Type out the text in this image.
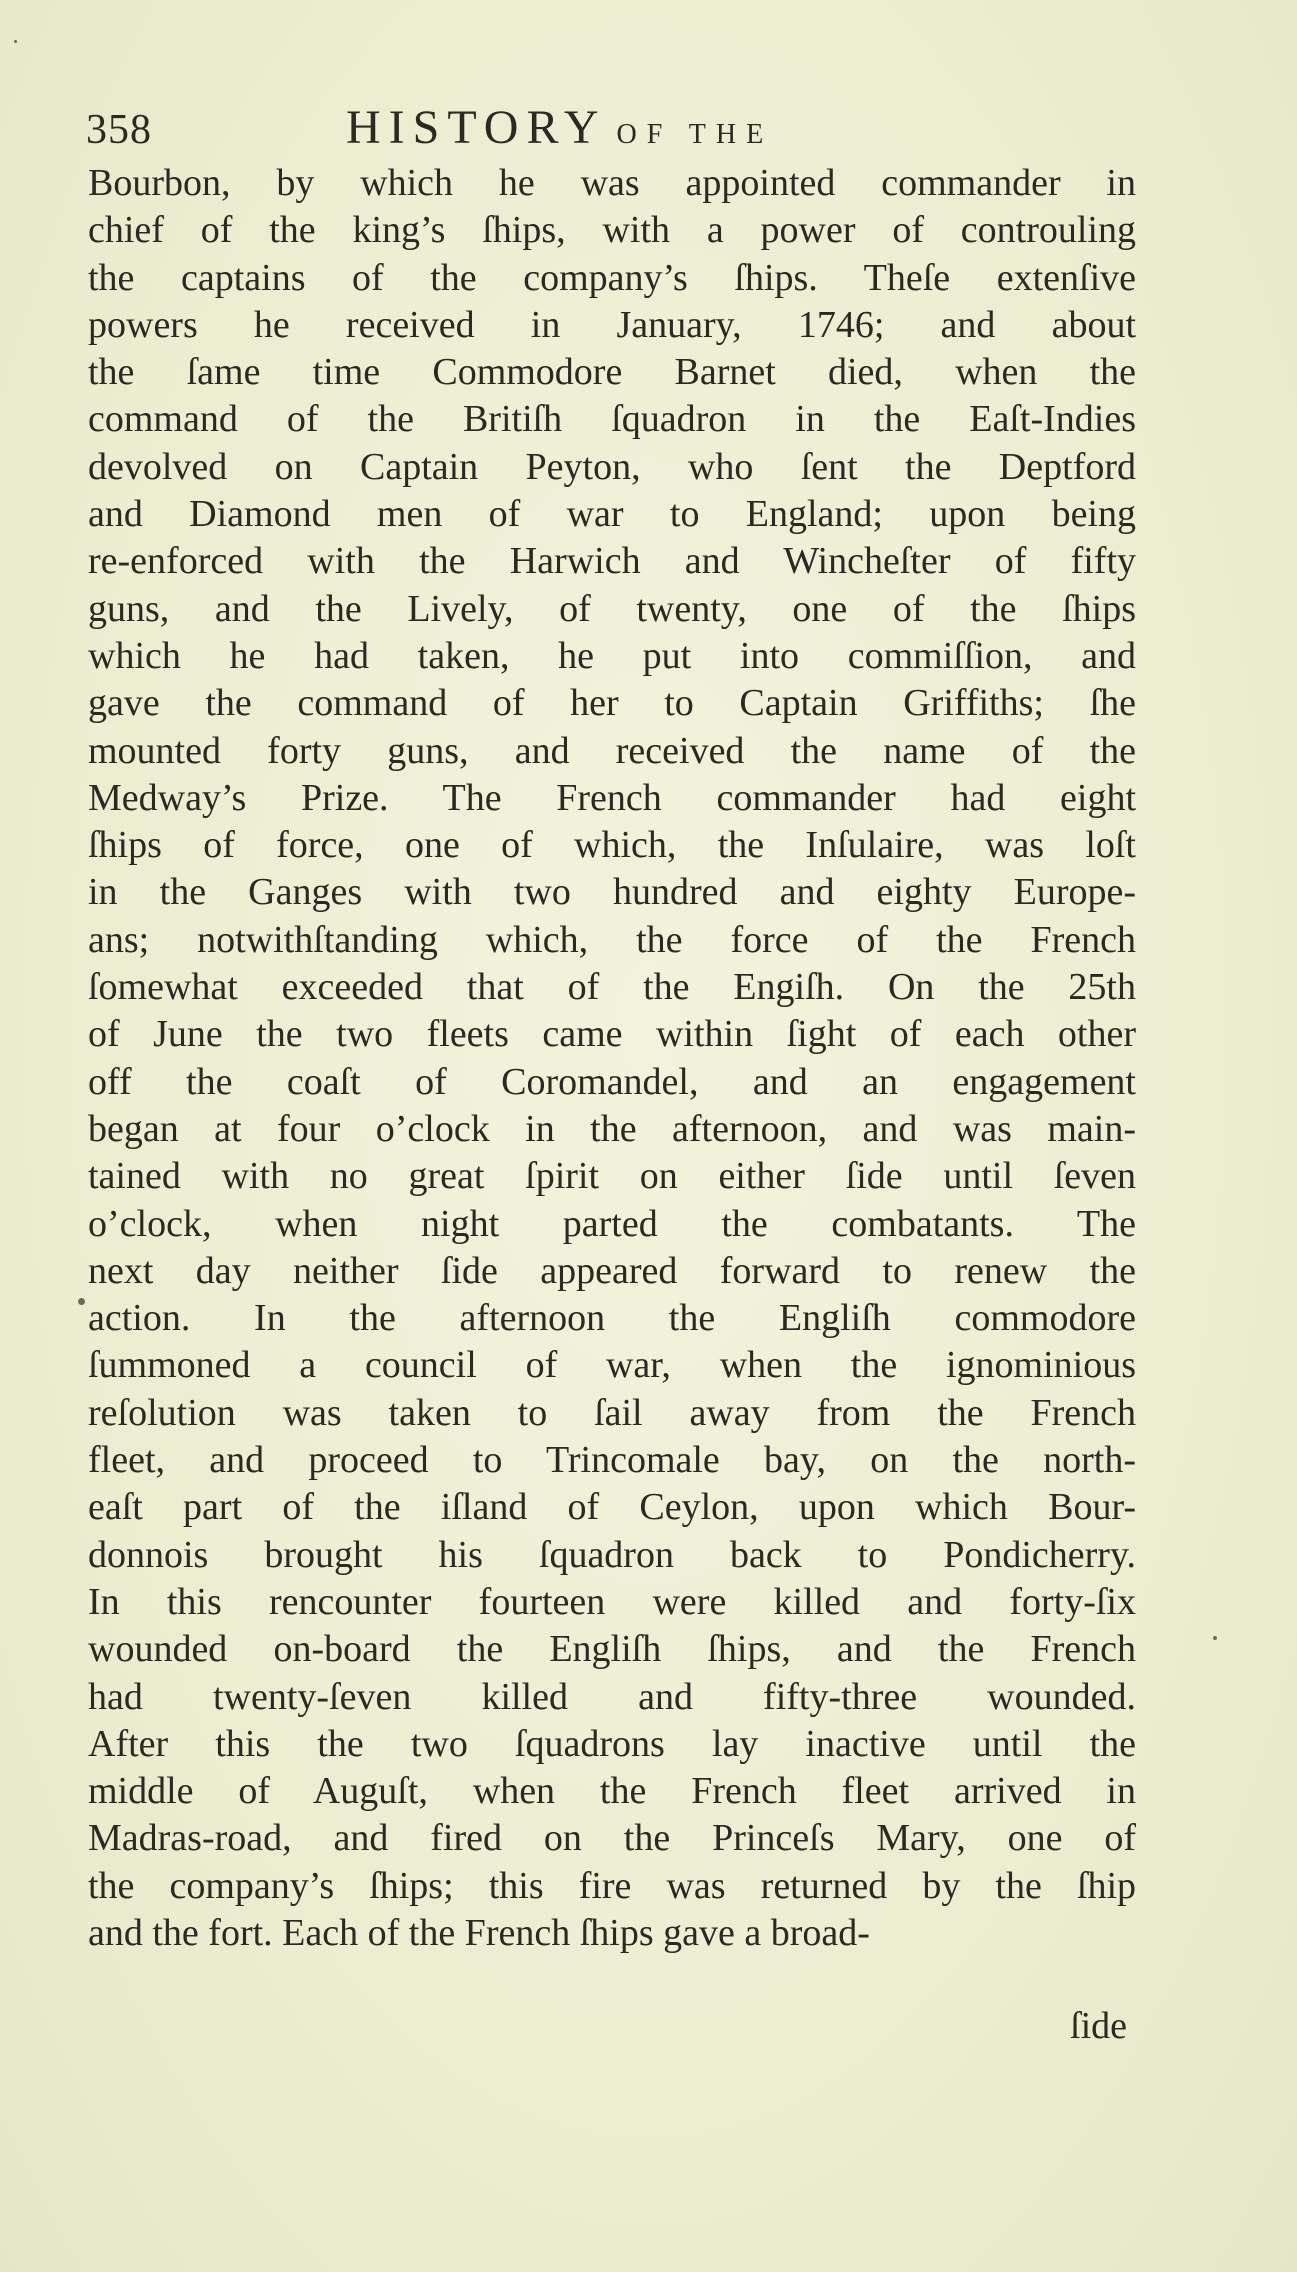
358	HISTORY OF THE
Bourbon, by which he was appointed commander in
chief of the king’s ſhips, with a power of controuling
the captains of the company’s ſhips. Theſe extenſive
powers he received in January, 1746; and about
the ſame time Commodore Barnet died, when the
command of the Britiſh ſquadron in the Eaſt-Indies
devolved on Captain Peyton, who ſent the Deptford
and Diamond men of war to England; upon being
re-enforced with the Harwich and Wincheſter of fifty
guns, and the Lively, of twenty, one of the ſhips
which he had taken, he put into commiſſion, and
gave the command of her to Captain Griffiths; ſhe
mounted forty guns, and received the name of the
Medway’s Prize. The French commander had eight
ſhips of force, one of which, the Inſulaire, was loſt
in the Ganges with two hundred and eighty Europe-
ans; notwithſtanding which, the force of the French
ſomewhat exceeded that of the Engiſh. On the 25th
of June the two fleets came within ſight of each other
off the coaſt of Coromandel, and an engagement
began at four o’clock in the afternoon, and was main-
tained with no great ſpirit on either ſide until ſeven
o’clock, when night parted the combatants. The
next day neither ſide appeared forward to renew the
action. In the afternoon the Engliſh commodore
ſummoned a council of war, when the ignominious
reſolution was taken to ſail away from the French
fleet, and proceed to Trincomale bay, on the north-
eaſt part of the iſland of Ceylon, upon which Bour-
donnois brought his ſquadron back to Pondicherry.
In this rencounter fourteen were killed and forty-ſix
wounded on-board the Engliſh ſhips, and the French
had twenty-ſeven killed and fifty-three wounded.
After this the two ſquadrons lay inactive until the
middle of Auguſt, when the French fleet arrived in
Madras-road, and fired on the Princeſs Mary, one of
the company’s ſhips; this fire was returned by the ſhip
and the fort. Each of the French ſhips gave a broad-
ſide
